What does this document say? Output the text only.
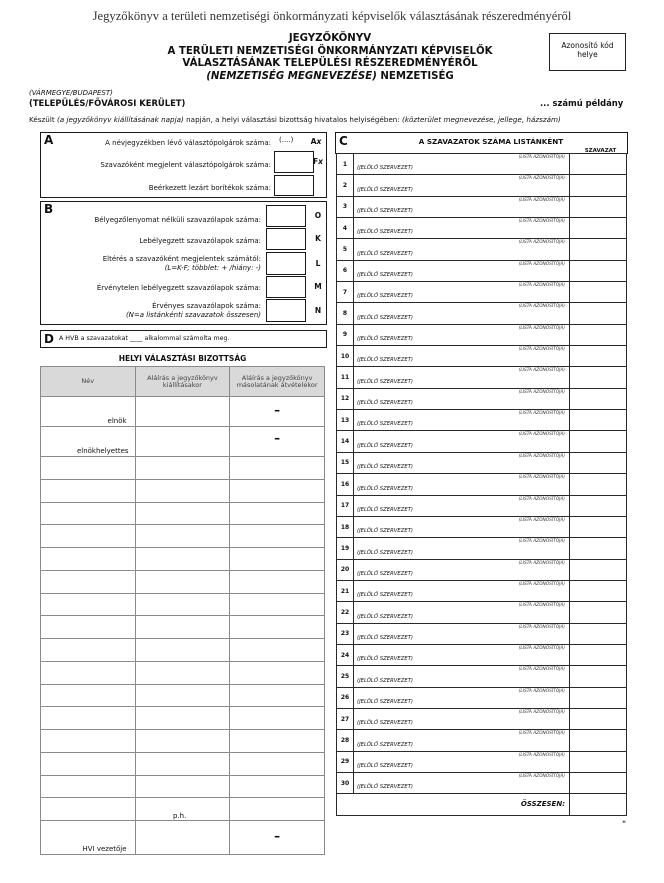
Jegyzőkönyv a területi nemzetiségi önkormányzati képviselők választásának részeredményéről
JEGYZŐKÖNYV
A TERÜLETI NEMZETISÉGI ÖNKORMÁNYZATI KÉPVISELŐK
VÁLASZTÁSÁNAK TELEPÜLÉSI RÉSZEREDMÉNYÉRŐL
(NEMZETISÉG MEGNEVEZÉSE) NEMZETISÉG
Azonosító kód helye
(VÁRMEGYE/BUDAPEST)
(TELEPÜLÉS/FŐVÁROSI KERÜLET)	... számú példány
Készült (a jegyzőkönyv kiállításának napja) napján, a helyi választási bizottság hivatalos helyiségében: (közterület megnevezése, jellege, házszám)
A	A névjegyzékben lévő választópolgárok száma: (....) Ax
Szavazóként megjelent választópolgárok száma:	Fx
Beérkezett lezárt borítékok száma:
B
Bélyegzőlenyomat nélküli szavazólapok száma:	O
Lebélyegzett szavazólapok száma:	K
Eltérés a szavazóként megjelentek számától:
(L=K-F; többlet: + /hiány: -)	L
Érvénytelen lebélyegzett szavazólapok száma:	M
Érvényes szavazólapok száma:
(N=a listánkénti szavazatok összesen)	N
D A HVB a szavazatokat ____ alkalommal számolta meg.
HELYI VÁLASZTÁSI BIZOTTSÁG
Név	Aláírás a jegyzőkönyv kiállításakor	Aláírás a jegyzőkönyv másolatának átvételekor

elnök		–

elnökhelyettes		–

HVI vezetője		–
p.h.
C	A SZAVAZATOK SZÁMA LISTÁNKÉNT
SZAVAZAT
1	(LISTA AZONOSÍTÓJA)
(JELÖLŐ SZERVEZET)	

2	(LISTA AZONOSÍTÓJA)
(JELÖLŐ SZERVEZET)	

3	(LISTA AZONOSÍTÓJA)
(JELÖLŐ SZERVEZET)	

4	(LISTA AZONOSÍTÓJA)
(JELÖLŐ SZERVEZET)	

5	(LISTA AZONOSÍTÓJA)
(JELÖLŐ SZERVEZET)	

6	(LISTA AZONOSÍTÓJA)
(JELÖLŐ SZERVEZET)	

7	(LISTA AZONOSÍTÓJA)
(JELÖLŐ SZERVEZET)	

8	(LISTA AZONOSÍTÓJA)
(JELÖLŐ SZERVEZET)	

9	(LISTA AZONOSÍTÓJA)
(JELÖLŐ SZERVEZET)	

10	(LISTA AZONOSÍTÓJA)
(JELÖLŐ SZERVEZET)	

11	(LISTA AZONOSÍTÓJA)
(JELÖLŐ SZERVEZET)	

12	(LISTA AZONOSÍTÓJA)
(JELÖLŐ SZERVEZET)	

13	(LISTA AZONOSÍTÓJA)
(JELÖLŐ SZERVEZET)	

14	(LISTA AZONOSÍTÓJA)
(JELÖLŐ SZERVEZET)	

15	(LISTA AZONOSÍTÓJA)
(JELÖLŐ SZERVEZET)	

16	(LISTA AZONOSÍTÓJA)
(JELÖLŐ SZERVEZET)	

17	(LISTA AZONOSÍTÓJA)
(JELÖLŐ SZERVEZET)	

18	(LISTA AZONOSÍTÓJA)
(JELÖLŐ SZERVEZET)	

19	(LISTA AZONOSÍTÓJA)
(JELÖLŐ SZERVEZET)	

20	(LISTA AZONOSÍTÓJA)
(JELÖLŐ SZERVEZET)	

21	(LISTA AZONOSÍTÓJA)
(JELÖLŐ SZERVEZET)	

22	(LISTA AZONOSÍTÓJA)
(JELÖLŐ SZERVEZET)	

23	(LISTA AZONOSÍTÓJA)
(JELÖLŐ SZERVEZET)	

24	(LISTA AZONOSÍTÓJA)
(JELÖLŐ SZERVEZET)	

25	(LISTA AZONOSÍTÓJA)
(JELÖLŐ SZERVEZET)	

26	(LISTA AZONOSÍTÓJA)
(JELÖLŐ SZERVEZET)	

27	(LISTA AZONOSÍTÓJA)
(JELÖLŐ SZERVEZET)	

28	(LISTA AZONOSÍTÓJA)
(JELÖLŐ SZERVEZET)	

29	(LISTA AZONOSÍTÓJA)
(JELÖLŐ SZERVEZET)	

30	(LISTA AZONOSÍTÓJA)
(JELÖLŐ SZERVEZET)	

ÖSSZESEN:		

"
